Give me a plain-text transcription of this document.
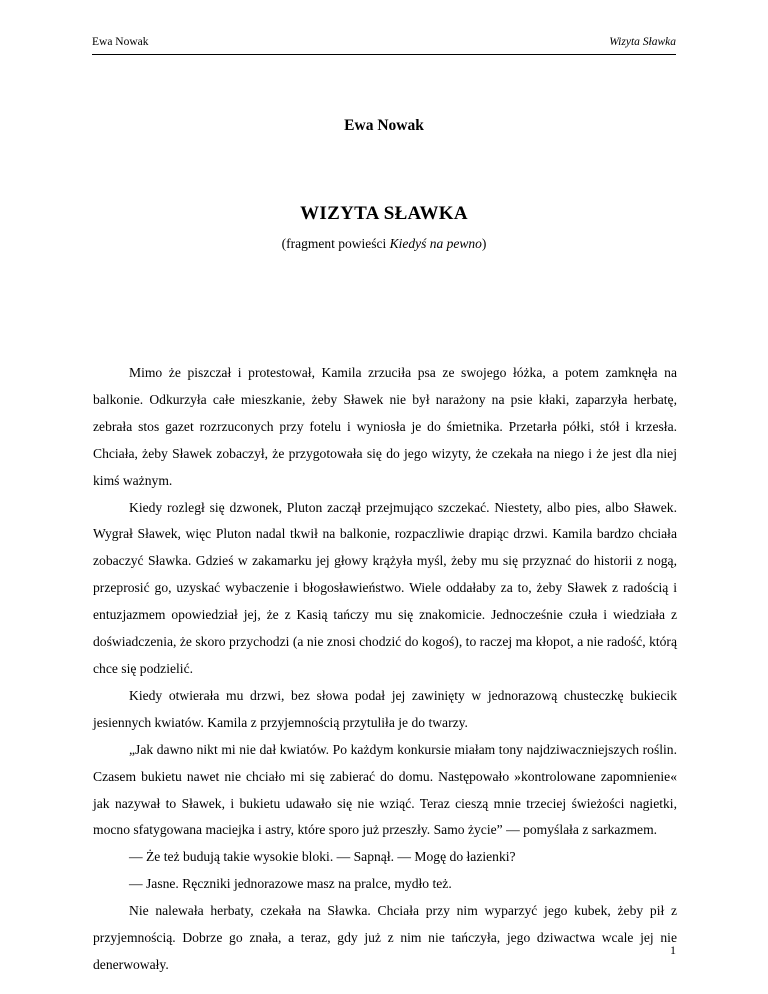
Ewa Nowak	Wizyta Sławka
Ewa Nowak
WIZYTA SŁAWKA
(fragment powieści Kiedyś na pewno)

Mimo że piszczał i protestował, Kamila zrzuciła psa ze swojego łóżka, a potem zamknęła na balkonie. Odkurzyła całe mieszkanie, żeby Sławek nie był narażony na psie kłaki, zaparzyła herbatę, zebrała stos gazet rozrzuconych przy fotelu i wyniosła je do śmietnika. Przetarła półki, stół i krzesła. Chciała, żeby Sławek zobaczył, że przygotowała się do jego wizyty, że czekała na niego i że jest dla niej kimś ważnym.

Kiedy rozległ się dzwonek, Pluton zaczął przejmująco szczekać. Niestety, albo pies, albo Sławek. Wygrał Sławek, więc Pluton nadal tkwił na balkonie, rozpaczliwie drapiąc drzwi. Kamila bardzo chciała zobaczyć Sławka. Gdzieś w zakamarku jej głowy krążyła myśl, żeby mu się przyznać do historii z nogą, przeprosić go, uzyskać wybaczenie i błogosławieństwo. Wiele oddałaby za to, żeby Sławek z radością i entuzjazmem opowiedział jej, że z Kasią tańczy mu się znakomicie. Jednocześnie czuła i wiedziała z doświadczenia, że skoro przychodzi (a nie znosi chodzić do kogoś), to raczej ma kłopot, a nie radość, którą chce się podzielić.

Kiedy otwierała mu drzwi, bez słowa podał jej zawinięty w jednorazową chusteczkę bukiecik jesiennych kwiatów. Kamila z przyjemnością przytuliła je do twarzy.

„Jak dawno nikt mi nie dał kwiatów. Po każdym konkursie miałam tony najdziwaczniejszych roślin. Czasem bukietu nawet nie chciało mi się zabierać do domu. Następowało »kontrolowane zapomnienie« jak nazywał to Sławek, i bukietu udawało się nie wziąć. Teraz cieszą mnie trzeciej świeżości nagietki, mocno sfatygowana maciejka i astry, które sporo już przeszły. Samo życie” — pomyślała z sarkazmem.

— Że też budują takie wysokie bloki. — Sapnął. — Mogę do łazienki?

— Jasne. Ręczniki jednorazowe masz na pralce, mydło też.

Nie nalewała herbaty, czekała na Sławka. Chciała przy nim wyparzyć jego kubek, żeby pił z przyjemnością. Dobrze go znała, a teraz, gdy już z nim nie tańczyła, jego dziwactwa wcale jej nie denerwowały.

1
